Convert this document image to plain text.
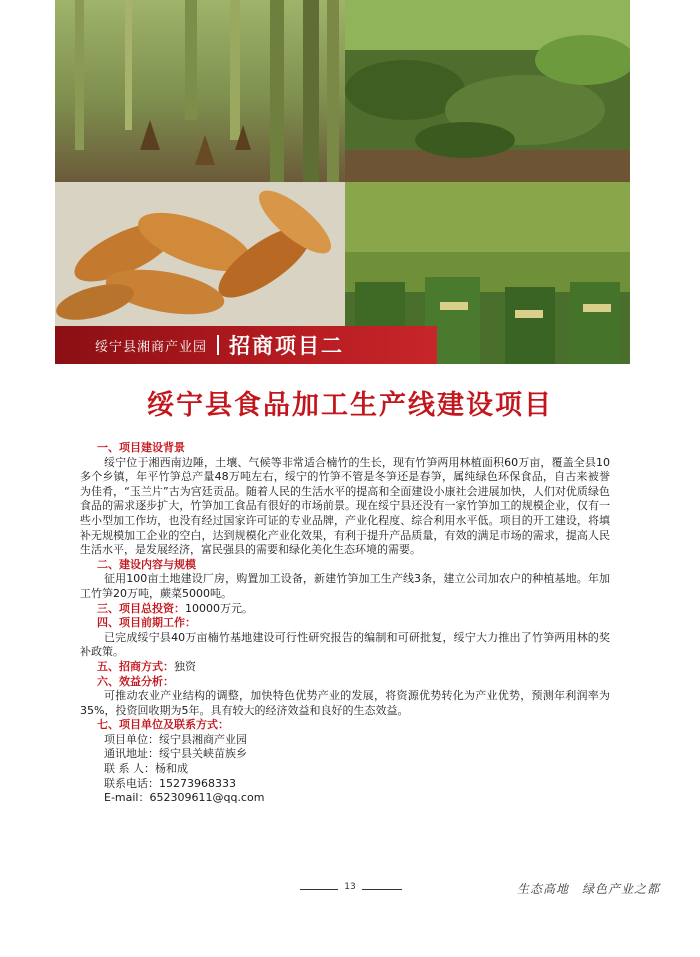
绥宁县湘商产业园 招商项目二
绥宁县食品加工生产线建设项目
一、项目建设背景

绥宁位于湘西南边陲，土壤、气候等非常适合楠竹的生长，现有竹笋两用林植面积60万亩，覆盖全县10多个乡镇，年平竹笋总产量48万吨左右，绥宁的竹笋不管是冬笋还是春笋，属纯绿色环保食品，自古来被誉为佳肴，“玉兰片”古为宫廷贡品。随着人民的生活水平的提高和全面建设小康社会进展加快，人们对优质绿色食品的需求逐步扩大，竹笋加工食品有很好的市场前景。现在绥宁县还没有一家竹笋加工的规模企业，仅有一些小型加工作坊，也没有经过国家许可证的专业品牌，产业化程度、综合利用水平低。项目的开工建设，将填补无规模加工企业的空白，达到规模化产业化效果，有利于提升产品质量，有效的满足市场的需求，提高人民生活水平，是发展经济，富民强县的需要和绿化美化生态环境的需要。

二、建设内容与规模

征用100亩土地建设厂房，购置加工设备，新建竹笋加工生产线3条，建立公司加农户的种植基地。年加工竹笋20万吨，蕨菜5000吨。

三、项目总投资：10000万元。
四、项目前期工作：

已完成绥宁县40万亩楠竹基地建设可行性研究报告的编制和可研批复，绥宁大力推出了竹笋两用林的奖补政策。

五、招商方式：独资
六、效益分析：

可推动农业产业结构的调整，加快特色优势产业的发展，将资源优势转化为产业优势，预测年利润率为35%，投资回收期为5年。具有较大的经济效益和良好的生态效益。

七、项目单位及联系方式：
项目单位：绥宁县湘商产业园
通讯地址：绥宁县关峡苗族乡
联 系 人：杨和成
联系电话：15273968333
E-mail：652309611@qq.com
13	生态高地　绿色产业之都
